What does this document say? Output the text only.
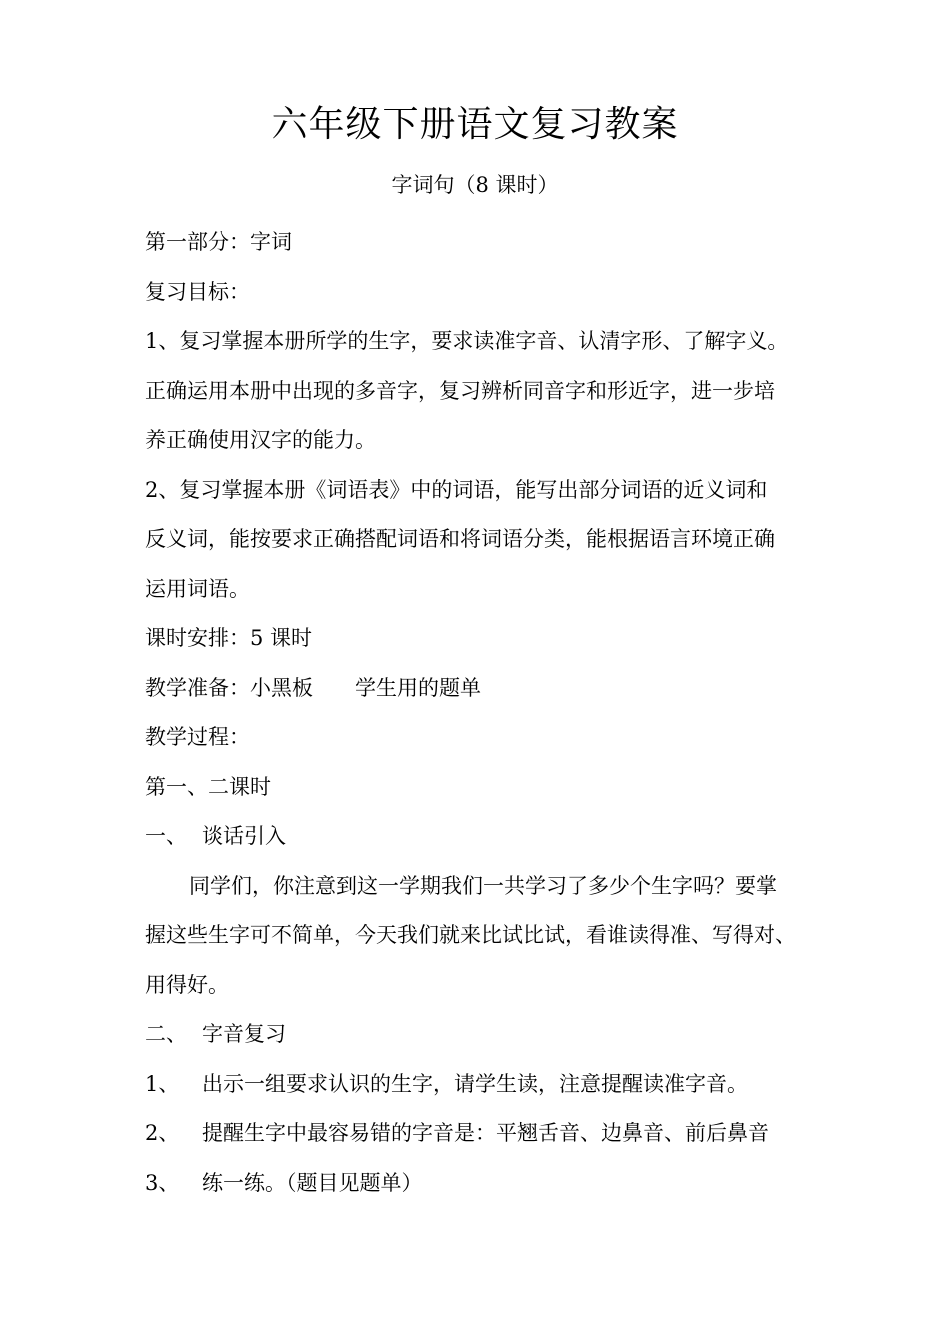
六年级下册语文复习教案
字词句（8 课时）
第一部分：字词
复习目标：
1、复习掌握本册所学的生字，要求读准字音、认清字形、了解字义。
正确运用本册中出现的多音字，复习辨析同音字和形近字，进一步培
养正确使用汉字的能力。
2、复习掌握本册《词语表》中的词语，能写出部分词语的近义词和
反义词，能按要求正确搭配词语和将词语分类，能根据语言环境正确
运用词语。
课时安排：5 课时
教学准备：小黑板　　学生用的题单
教学过程：
第一、二课时
一、 谈话引入
同学们，你注意到这一学期我们一共学习了多少个生字吗？要掌
握这些生字可不简单，今天我们就来比试比试，看谁读得准、写得对、
用得好。
二、 字音复习
1、 出示一组要求认识的生字，请学生读，注意提醒读准字音。
2、 提醒生字中最容易错的字音是：平翘舌音、边鼻音、前后鼻音
3、 练一练。（题目见题单）
